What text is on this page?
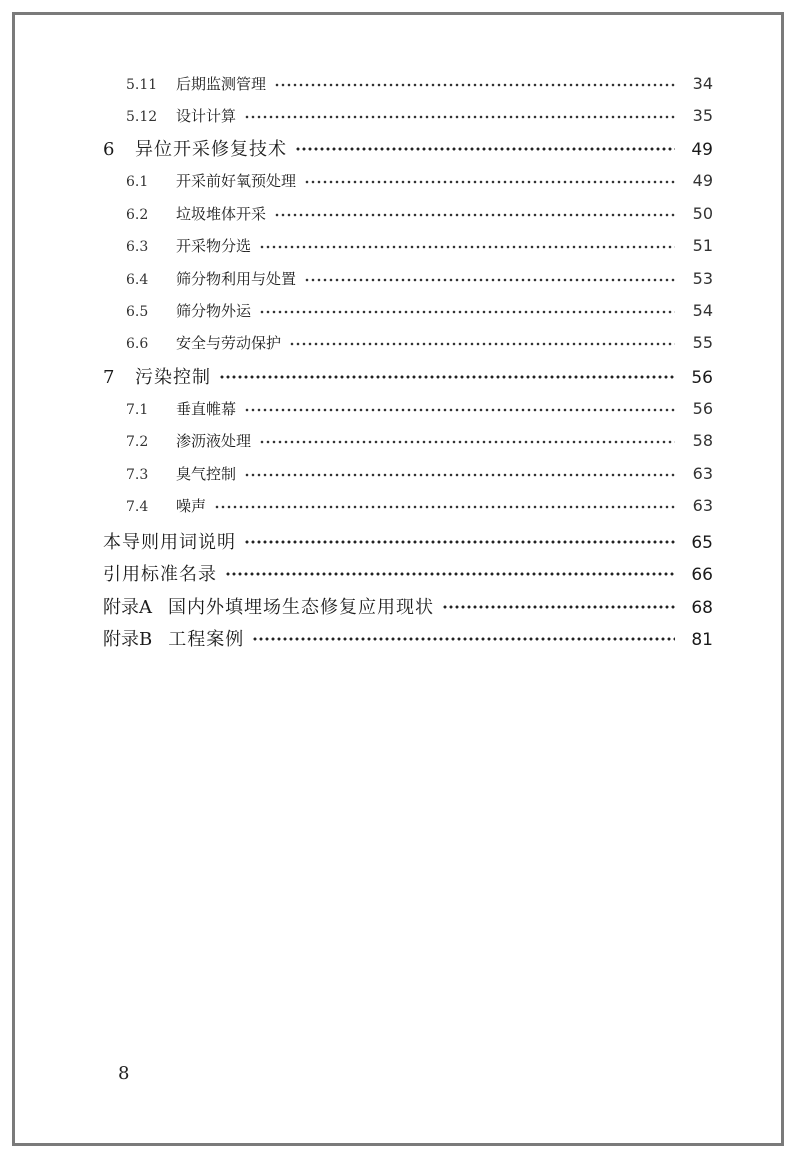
5.11	后期监测管理	34
5.12	设计计算	35
6	异位开采修复技术	49
6.1	开采前好氧预处理	49
6.2	垃圾堆体开采	50
6.3	开采物分选	51
6.4	筛分物利用与处置	53
6.5	筛分物外运	54
6.6	安全与劳动保护	55
7	污染控制	56
7.1	垂直帷幕	56
7.2	渗沥液处理	58
7.3	臭气控制	63
7.4	噪声	63
本导则用词说明	65
引用标准名录	66
附录A 国内外填埋场生态修复应用现状	68
附录B 工程案例	81
8
